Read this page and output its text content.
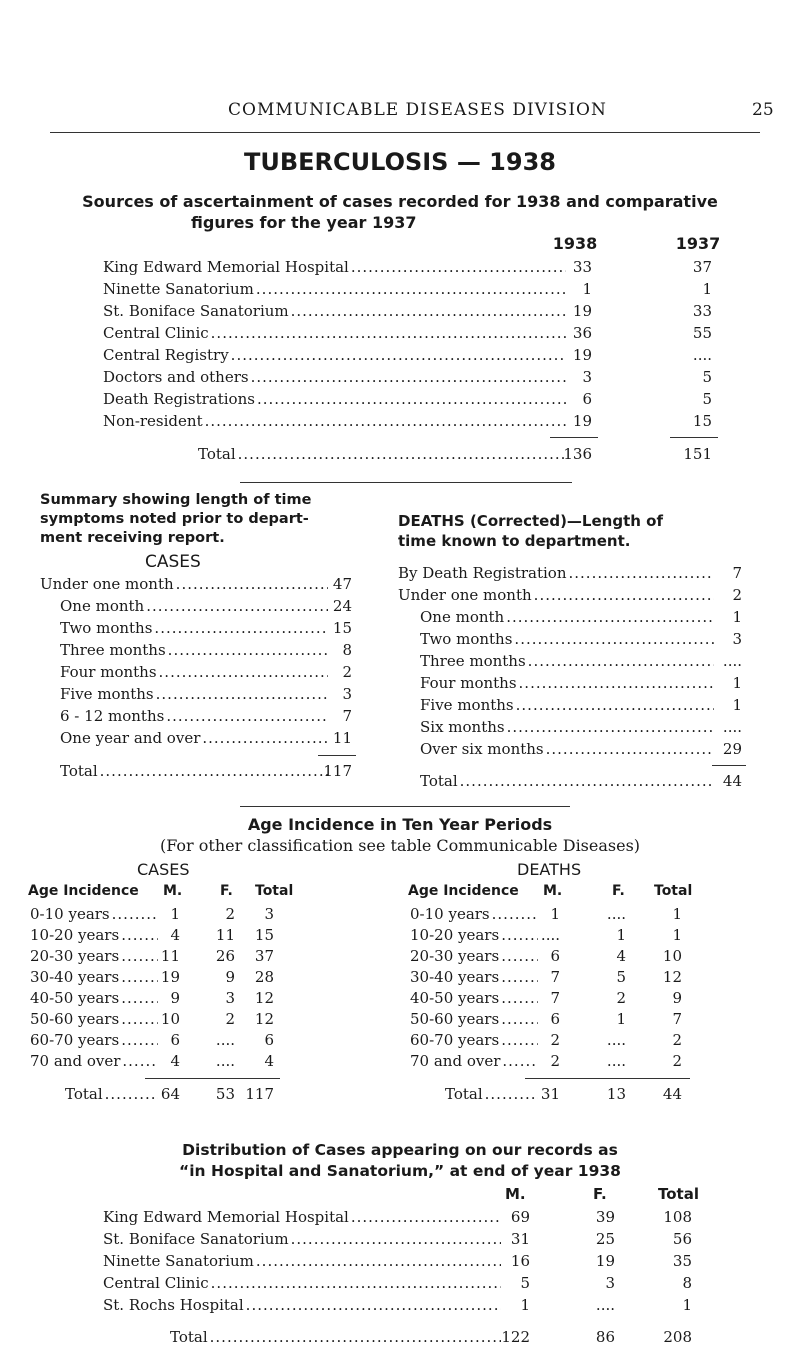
COMMUNICABLE DISEASES DIVISION	25
TUBERCULOSIS — 1938
Sources of ascertainment of cases recorded for 1938 and comparative
figures for the year 1937
1938	1937
King Edward Memorial Hospital .....	33	37
Ninette Sanatorium .....	1	1
St. Boniface Sanatorium .....	19	33
Central Clinic .....	36	55
Central Registry .....	19	....
Doctors and others .....	3	5
Death Registrations .....	6	5
Non-resident .....	19	15
Total .....	136	151
Summary showing length of time
symptoms noted prior to depart-
ment receiving report.
CASES
Under one month .....	47
One month .....	24
Two months .....	15
Three months .....	8
Four months .....	2
Five months .....	3
6 - 12 months .....	7
One year and over .....	11
Total .....	117
DEATHS (Corrected)—Length of
time known to department.
By Death Registration .....	7
Under one month .....	2
One month .....	1
Two months .....	3
Three months .....	....
Four months .....	1
Five months .....	1
Six months .....	....
Over six months .....	29
Total .....	44
Age Incidence in Ten Year Periods
(For other classification see table Communicable Diseases)
CASES	DEATHS
Age Incidence M.	F. Total	Age Incidence M.	F. Total
0-10 years .....	1	2	3
10-20 years .....	4	11	15
20-30 years .....	11	26	37
30-40 years .....	19	9	28
40-50 years .....	9	3	12
50-60 years .....	10	2	12
60-70 years .....	6	....	6
70 and over .....	4	....	4
Total .....	64	53 117
0-10 years .....	1	....	1
10-20 years .....	....	1	1
20-30 years .....	6	4	10
30-40 years .....	7	5	12
40-50 years .....	7	2	9
50-60 years .....	6	1	7
60-70 years .....	2	....	2
70 and over .....	2	....	2
Total .....	31	13	44
Distribution of Cases appearing on our records as
“in Hospital and Sanatorium,” at end of year 1938
M.	F.	Total
King Edward Memorial Hospital .....	69	39	108
St. Boniface Sanatorium .....	31	25	56
Ninette Sanatorium .....	16	19	35
Central Clinic .....	5	3	8
St. Rochs Hospital .....	1	....	1
Total .....	122	86	208
